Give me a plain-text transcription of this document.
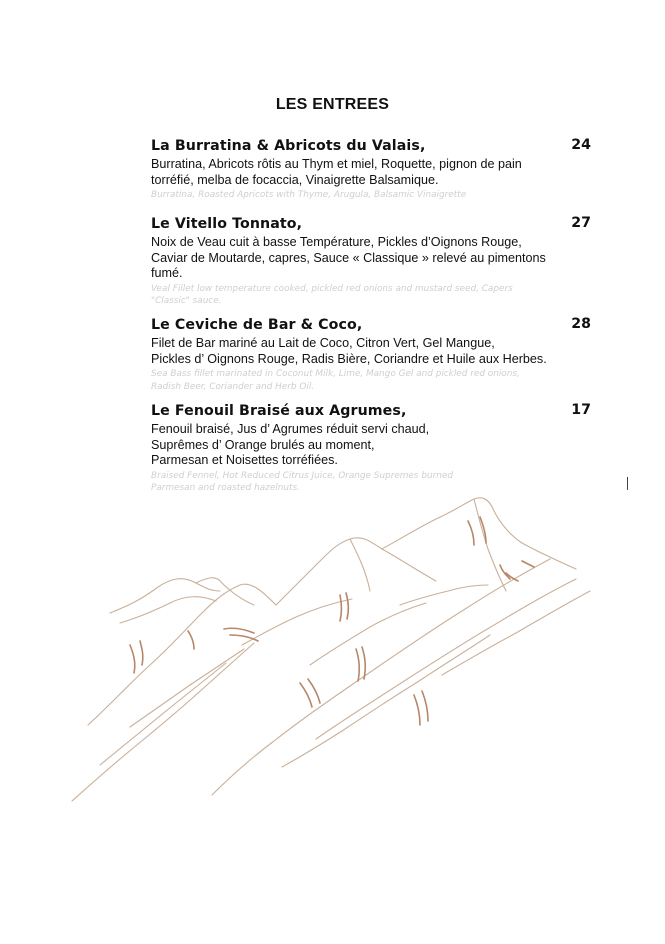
LES ENTREES
La Burratina & Abricots du Valais,	24
Burratina, Abricots rôtis au Thym et miel, Roquette, pignon de pain
torréfié, melba de focaccia, Vinaigrette Balsamique.
Burratina, Roasted Apricots with Thyme, Arugula, Balsamic Vinaigrette
Le Vitello Tonnato,	27
Noix de Veau cuit à basse Température, Pickles d’Oignons Rouge,
Caviar de Moutarde, capres, Sauce « Classique » relevé au pimentons
fumé.
Veal Fillet low temperature cooked, pickled red onions and mustard seed, Capers
"Classic" sauce.
Le Ceviche de Bar & Coco,	28
Filet de Bar mariné au Lait de Coco, Citron Vert, Gel Mangue,
Pickles d’ Oignons Rouge, Radis Bière, Coriandre et Huile aux Herbes.
Sea Bass fillet marinated in Coconut Milk, Lime, Mango Gel and pickled red onions,
Radish Beer, Coriander and Herb Oil.
Le Fenouil Braisé aux Agrumes,	17
Fenouil braisé, Jus d’ Agrumes réduit servi chaud,
Suprêmes d’ Orange brulés au moment,
Parmesan et Noisettes torréfiées.
Braised Fennel, Hot Reduced Citrus Juice, Orange Supremes burned
Parmesan and roasted hazelnuts.
